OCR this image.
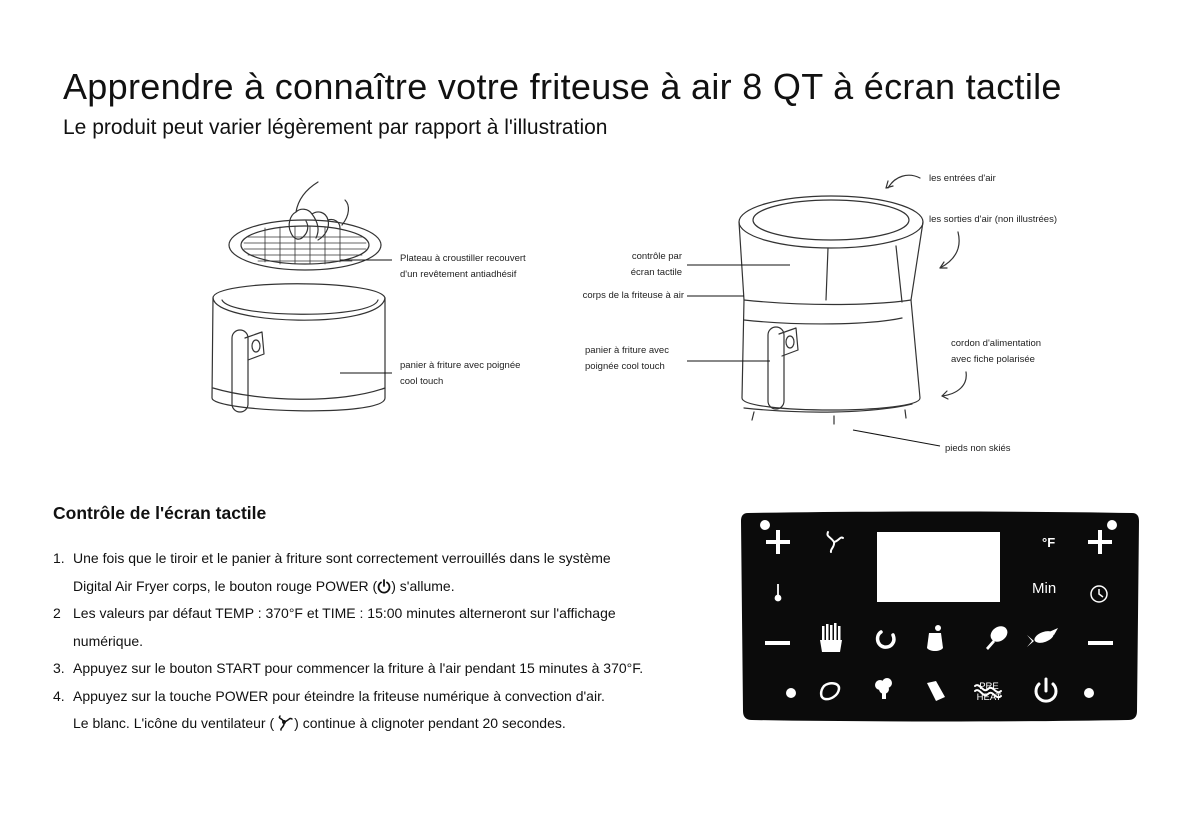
Apprendre à connaître votre friteuse à air 8 QT à écran tactile

Le produit peut varier légèrement par rapport à l'illustration

Plateau à croustiller recouvert
d'un revêtement antiadhésif
panier à friture avec poignée
cool touch
contrôle par
écran tactile
corps de la friteuse à air
panier à friture avec
poignée cool touch
les entrées d'air
les sorties d'air (non illustrées)
cordon d'alimentation
avec fiche polarisée
pieds non skiés
Contrôle de l'écran tactile
1. Une fois que le tiroir et le panier à friture sont correctement verrouillés dans le système
Digital Air Fryer corps, le bouton rouge POWER ( ) s'allume.
2 Les valeurs par défaut TEMP : 370°F et TIME : 15:00 minutes alterneront sur l'affichage
numérique.
3. Appuyez sur le bouton START pour commencer la friture à l'air pendant 15 minutes à 370°F.
4. Appuyez sur la touche POWER pour éteindre la friteuse numérique à convection d'air.
Le blanc. L'icône du ventilateur ( ) continue à clignoter pendant 20 secondes.
°F
Min
PRE
HEAT
